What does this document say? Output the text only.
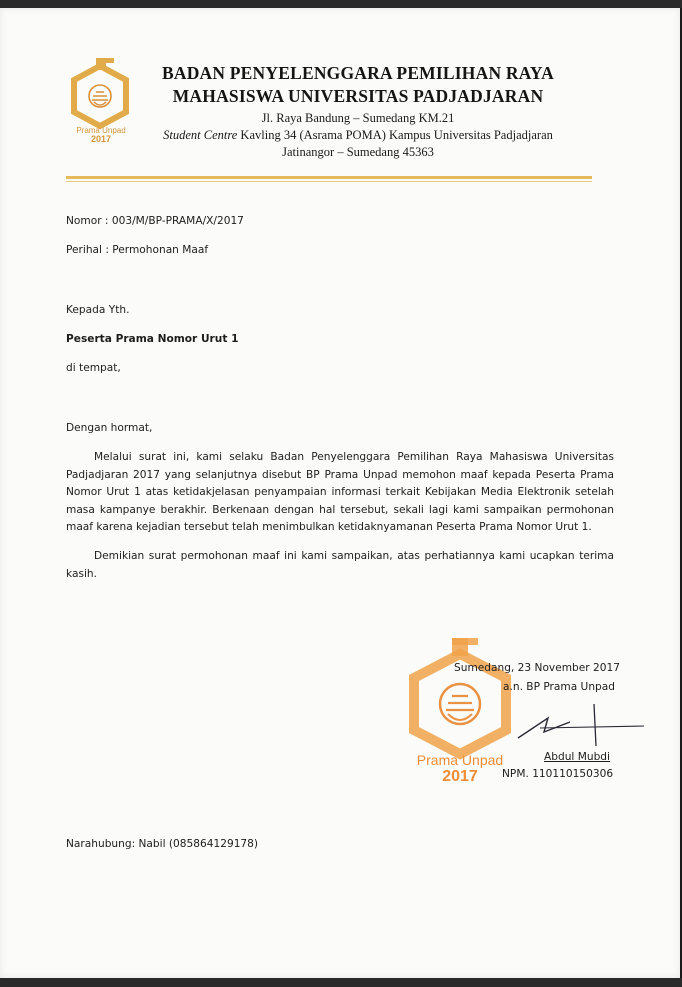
Prama Unpad
2017
BADAN PENYELENGGARA PEMILIHAN RAYA
MAHASISWA UNIVERSITAS PADJADJARAN
Jl. Raya Bandung – Sumedang KM.21
Student Centre Kavling 34 (Asrama POMA) Kampus Universitas Padjadjaran
Jatinangor – Sumedang 45363
Nomor : 003/M/BP-PRAMA/X/2017
Perihal : Permohonan Maaf
Kepada Yth.
Peserta Prama Nomor Urut 1
di tempat,
Dengan hormat,

Melalui surat ini, kami selaku Badan Penyelenggara Pemilihan Raya Mahasiswa Universitas Padjadjaran 2017 yang selanjutnya disebut BP Prama Unpad memohon maaf kepada Peserta Prama Nomor Urut 1 atas ketidakjelasan penyampaian informasi terkait Kebijakan Media Elektronik setelah masa kampanye berakhir. Berkenaan dengan hal tersebut, sekali lagi kami sampaikan permohonan maaf karena kejadian tersebut telah menimbulkan ketidaknyamanan Peserta Prama Nomor Urut 1.

Demikian surat permohonan maaf ini kami sampaikan, atas perhatiannya kami ucapkan terima kasih.

Prama Unpad
2017
Sumedang, 23 November 2017
a.n. BP Prama Unpad
Abdul Mubdi
NPM. 110110150306
Narahubung: Nabil (085864129178)
